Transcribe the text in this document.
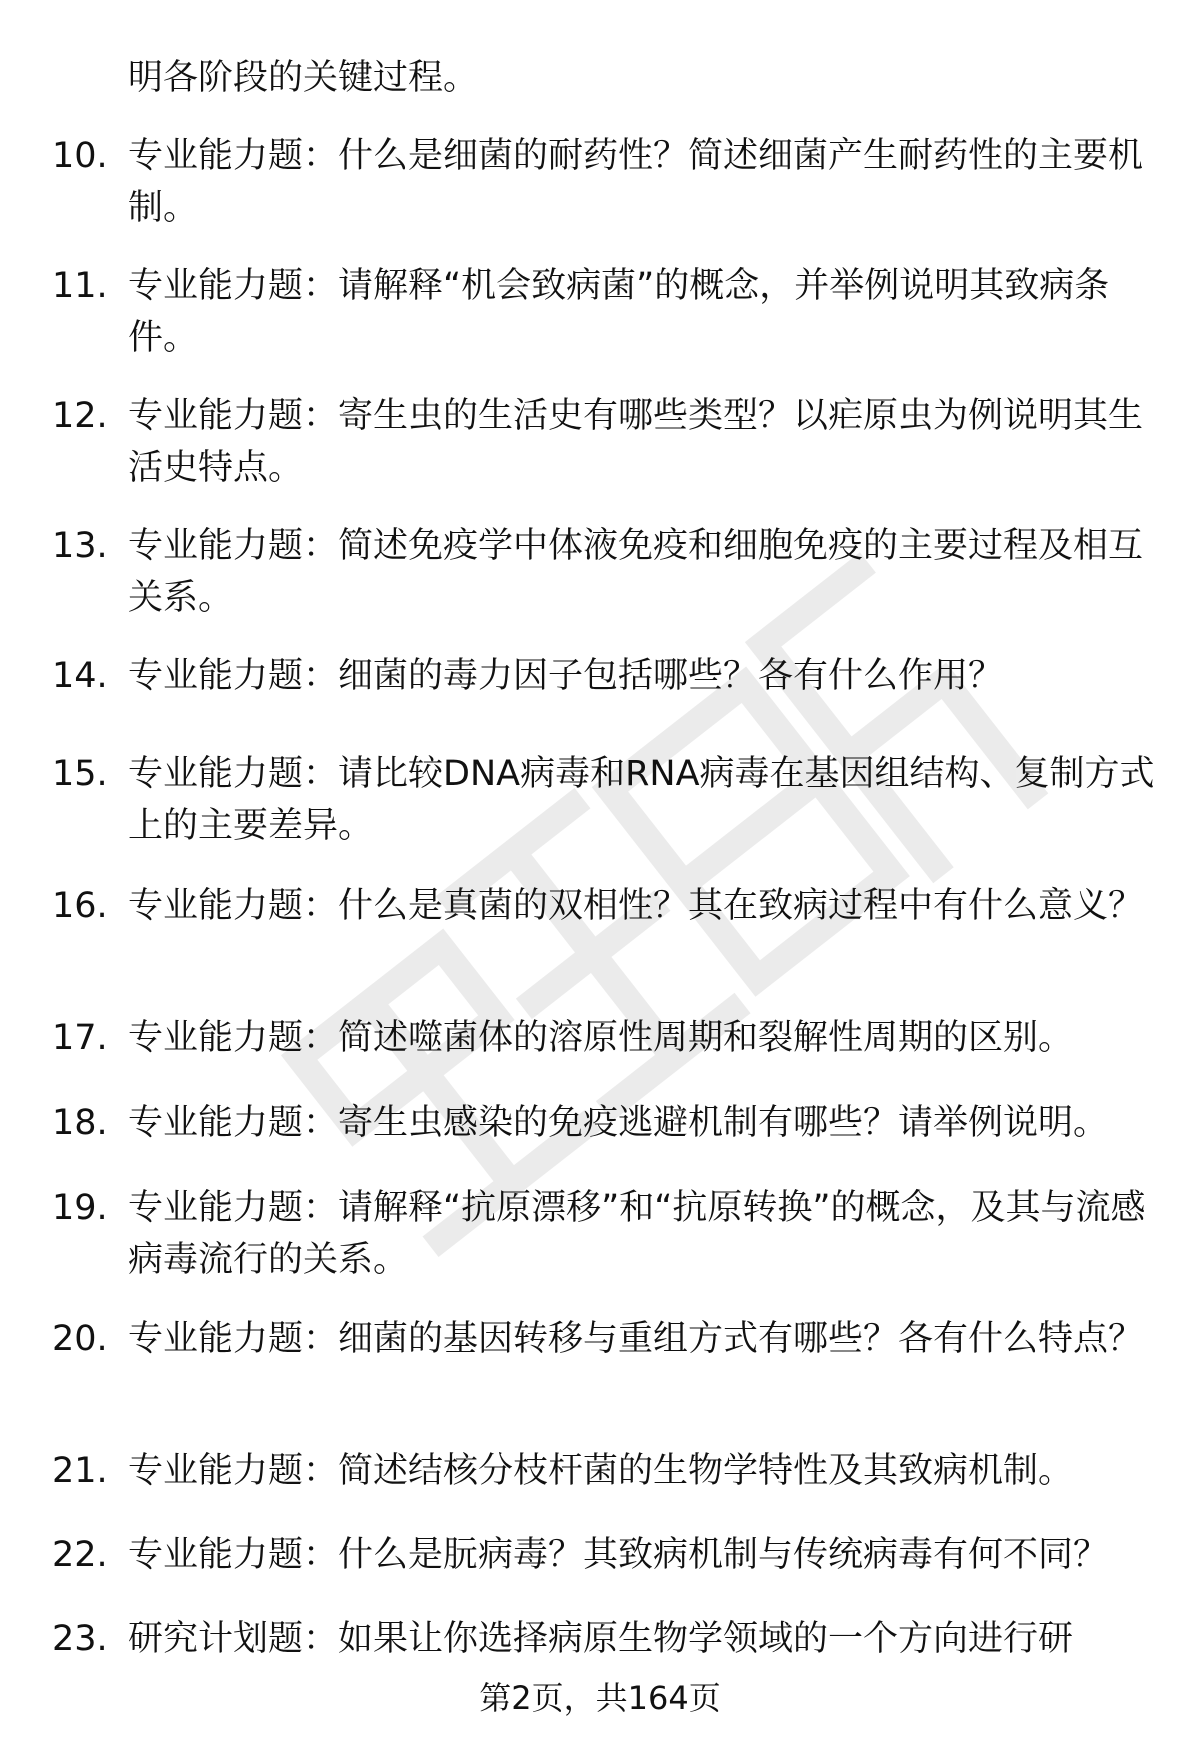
明各阶段的关键过程。
10. 专业能力题：什么是细菌的耐药性？简述细菌产生耐药性的主要机制。
11. 专业能力题：请解释“机会致病菌”的概念，并举例说明其致病条件。
12. 专业能力题：寄生虫的生活史有哪些类型？以疟原虫为例说明其生活史特点。
13. 专业能力题：简述免疫学中体液免疫和细胞免疫的主要过程及相互关系。
14. 专业能力题：细菌的毒力因子包括哪些？各有什么作用？
15. 专业能力题：请比较DNA病毒和RNA病毒在基因组结构、复制方式上的主要差异。
16. 专业能力题：什么是真菌的双相性？其在致病过程中有什么意义？
17. 专业能力题：简述噬菌体的溶原性周期和裂解性周期的区别。
18. 专业能力题：寄生虫感染的免疫逃避机制有哪些？请举例说明。
19. 专业能力题：请解释“抗原漂移”和“抗原转换”的概念，及其与流感病毒流行的关系。
20. 专业能力题：细菌的基因转移与重组方式有哪些？各有什么特点？
21. 专业能力题：简述结核分枝杆菌的生物学特性及其致病机制。
22. 专业能力题：什么是朊病毒？其致病机制与传统病毒有何不同？
23. 研究计划题：如果让你选择病原生物学领域的一个方向进行研
第2页，共164页
